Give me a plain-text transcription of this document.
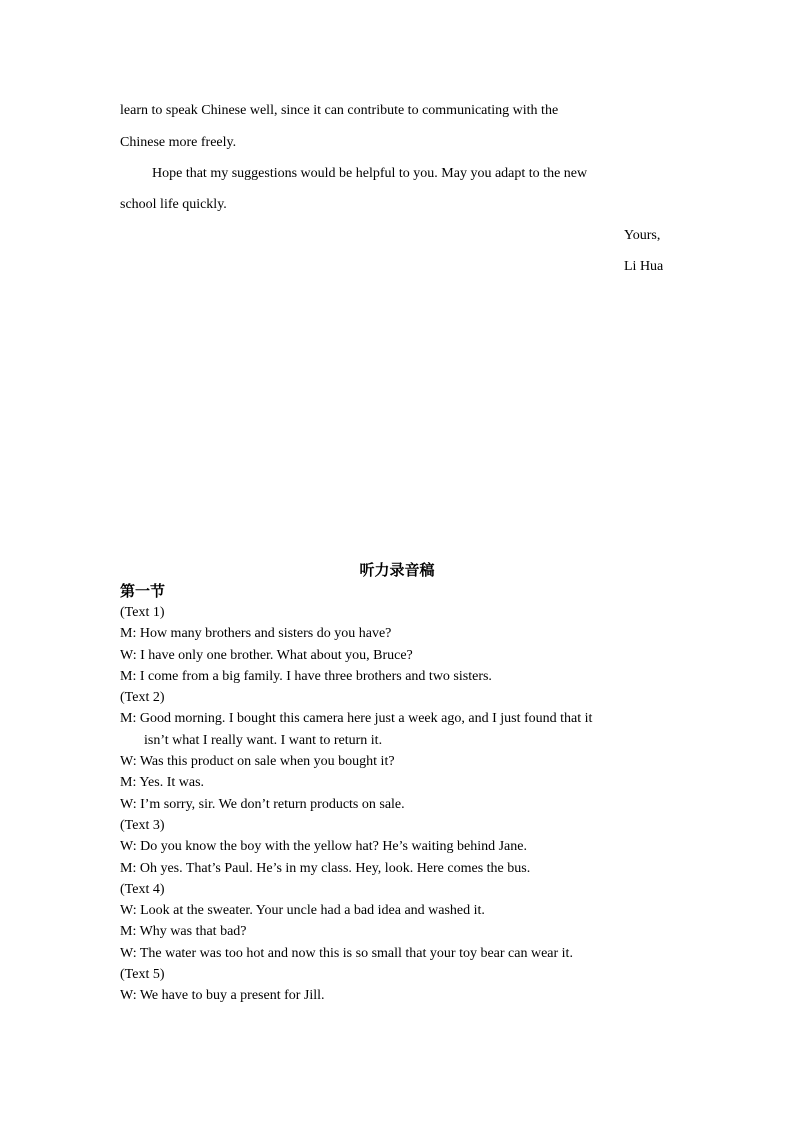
learn to speak Chinese well, since it can contribute to communicating with the
Chinese more freely.
Hope that my suggestions would be helpful to you. May you adapt to the new
school life quickly.
Yours,
Li Hua
听力录音稿
第一节
(Text 1)
M: How many brothers and sisters do you have?
W: I have only one brother. What about you, Bruce?
M: I come from a big family. I have three brothers and two sisters.
(Text 2)
M: Good morning. I bought this camera here just a week ago, and I just found that it
isn’t what I really want. I want to return it.
W: Was this product on sale when you bought it?
M: Yes. It was.
W: I’m sorry, sir. We don’t return products on sale.
(Text 3)
W: Do you know the boy with the yellow hat? He’s waiting behind Jane.
M: Oh yes. That’s Paul. He’s in my class. Hey, look. Here comes the bus.
(Text 4)
W: Look at the sweater. Your uncle had a bad idea and washed it.
M: Why was that bad?
W: The water was too hot and now this is so small that your toy bear can wear it.
(Text 5)
W: We have to buy a present for Jill.
